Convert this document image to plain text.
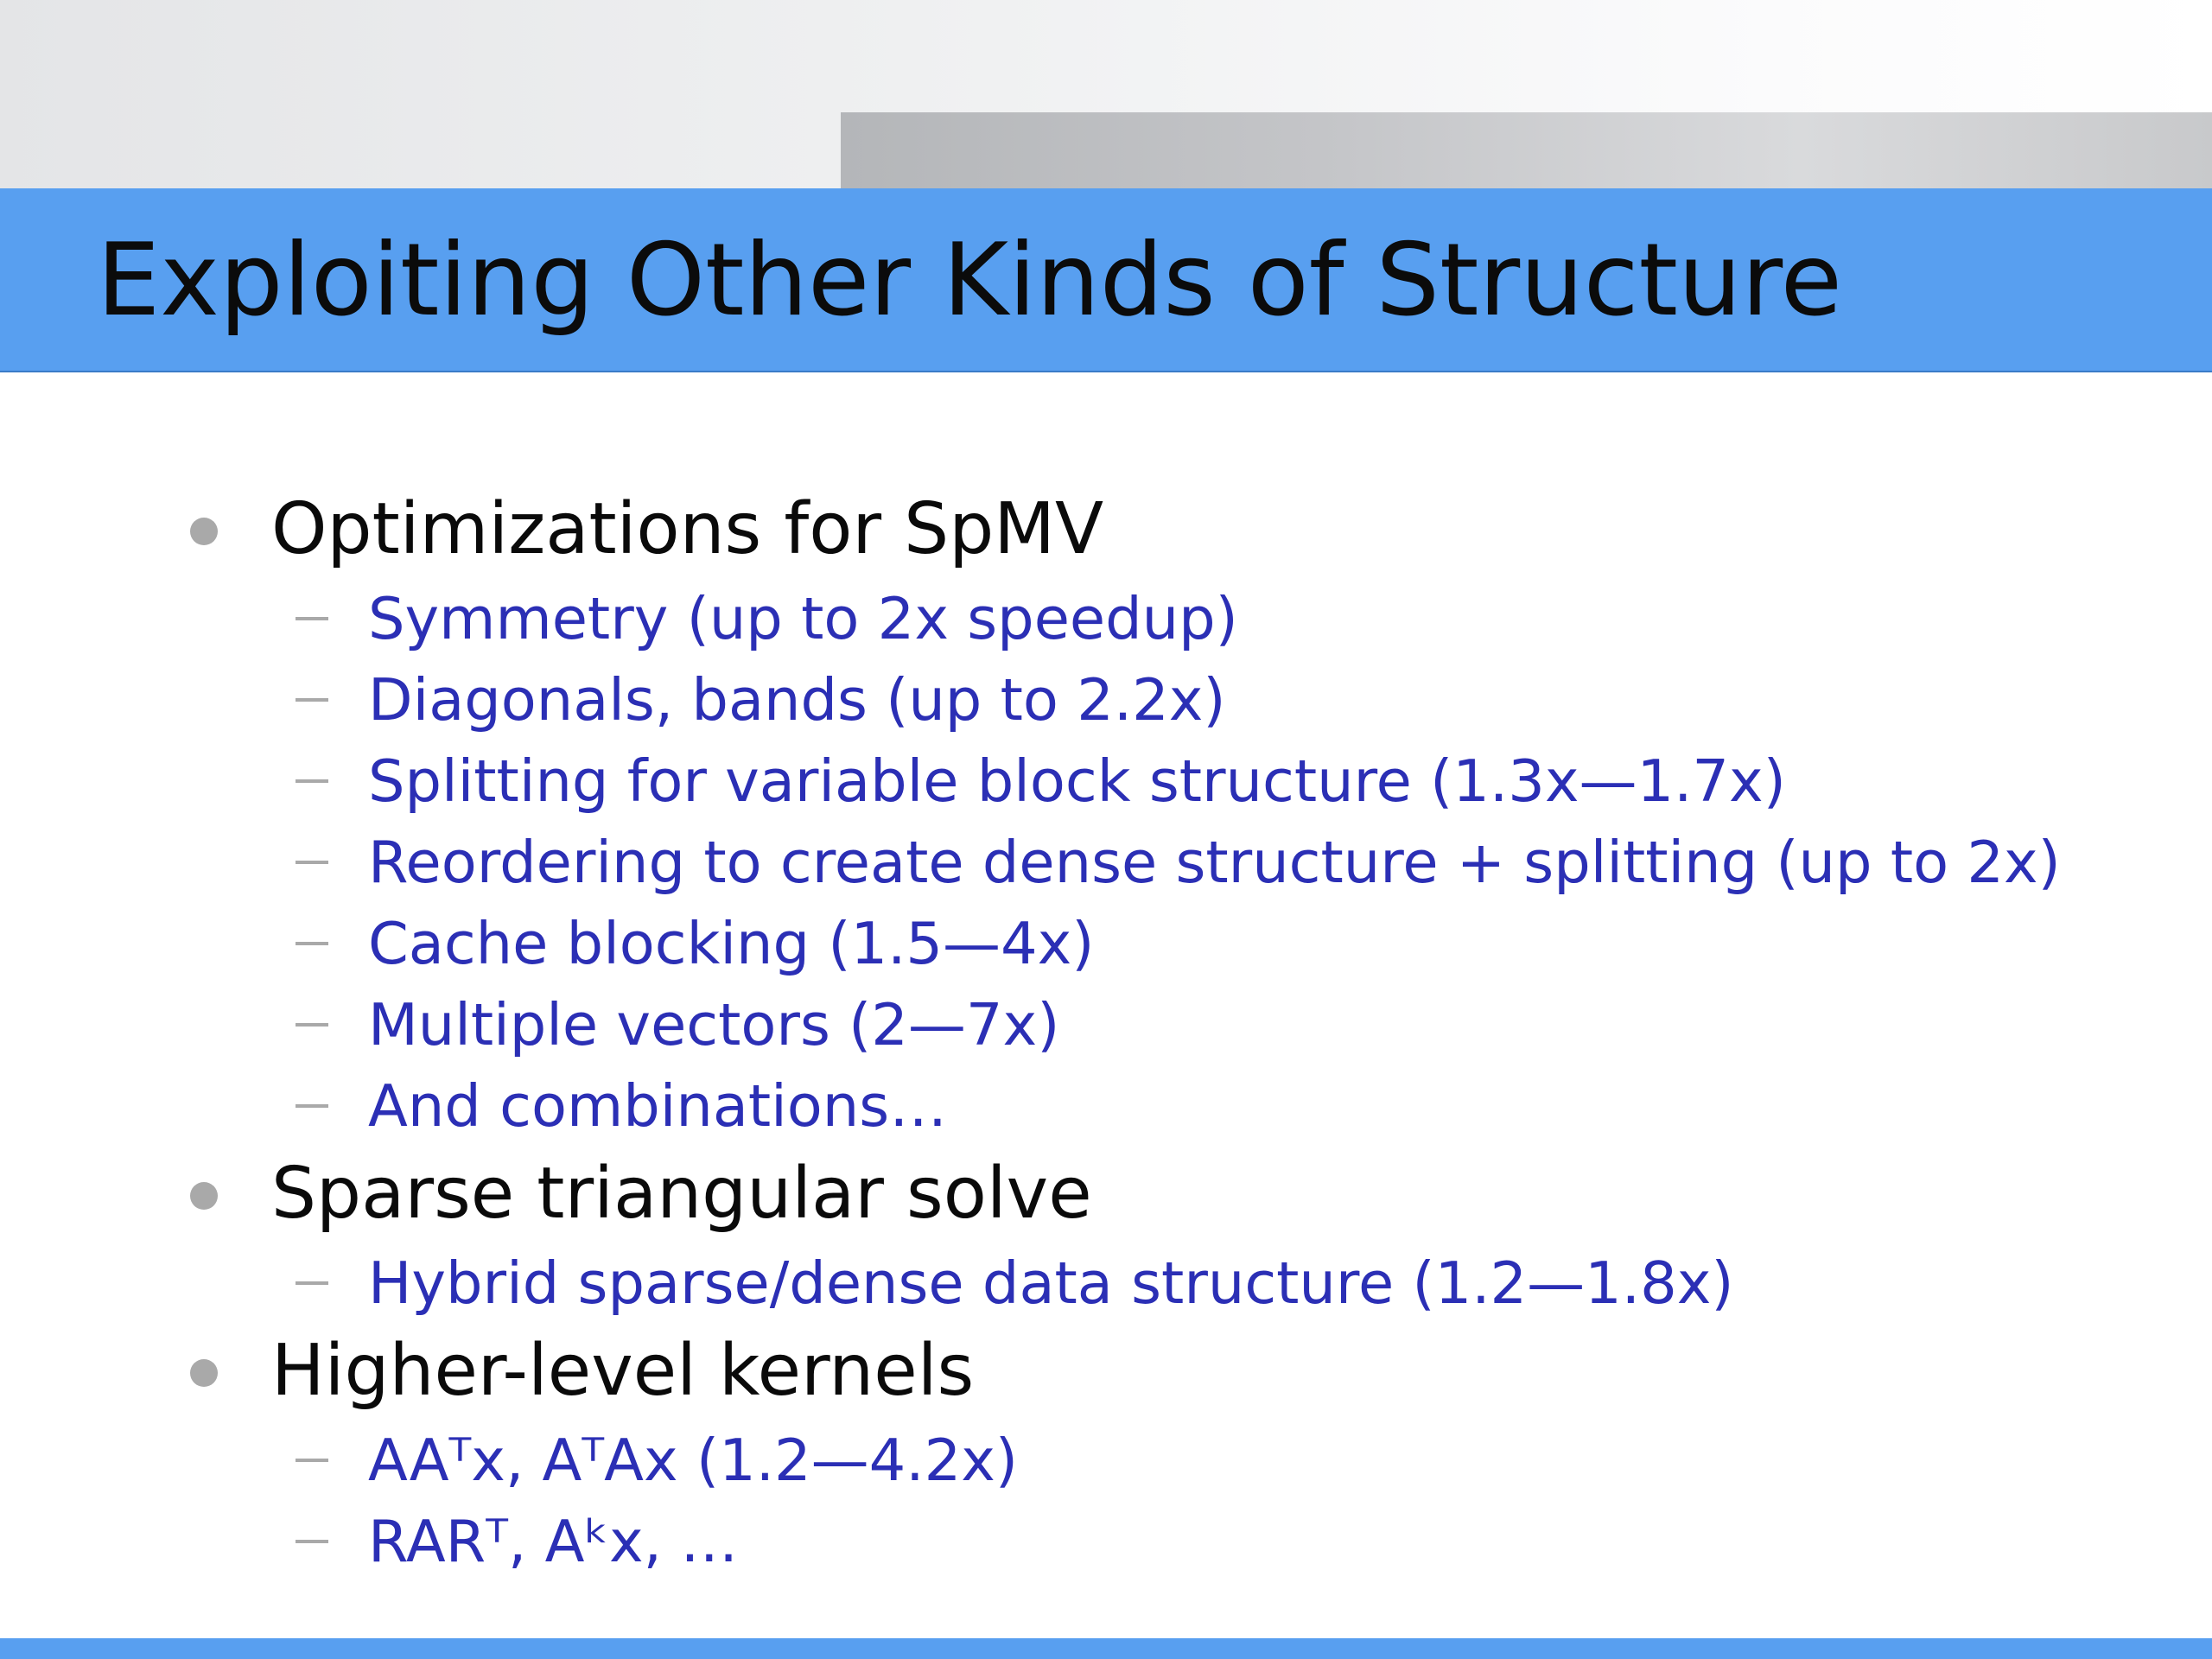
Exploiting Other Kinds of Structure
Optimizations for SpMV
Symmetry (up to 2x speedup)
Diagonals, bands (up to 2.2x)
Splitting for variable block structure (1.3x—1.7x)
Reordering to create dense structure + splitting (up to 2x)
Cache blocking (1.5—4x)
Multiple vectors (2—7x)
And combinations…
Sparse triangular solve
Hybrid sparse/dense data structure (1.2—1.8x)
Higher-level kernels
AAᵀx, AᵀAx (1.2—4.2x)
RARᵀ, Aᵏx, …
